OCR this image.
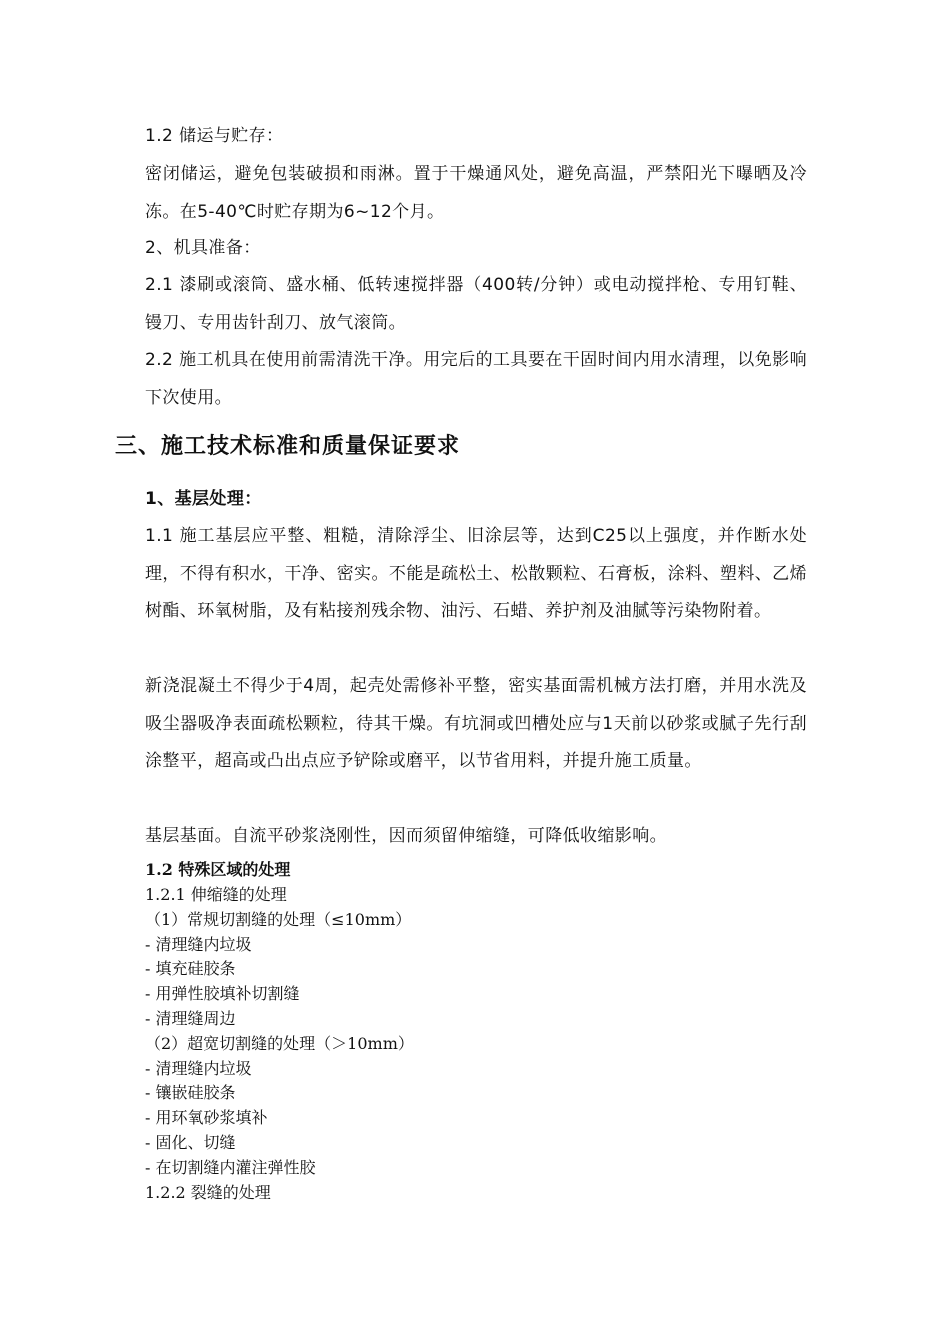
1.2 储运与贮存：
密闭储运，避免包装破损和雨淋。置于干燥通风处，避免高温，严禁阳光下曝晒及冷冻。在5-40℃时贮存期为6~12个月。
2、机具准备：
2.1 漆刷或滚筒、盛水桶、低转速搅拌器（400转/分钟）或电动搅拌枪、专用钉鞋、镘刀、专用齿针刮刀、放气滚筒。
2.2 施工机具在使用前需清洗干净。用完后的工具要在干固时间内用水清理，以免影响下次使用。
三、施工技术标准和质量保证要求
1、基层处理：
1.1 施工基层应平整、粗糙，清除浮尘、旧涂层等，达到C25以上强度，并作断水处理，不得有积水，干净、密实。不能是疏松土、松散颗粒、石膏板，涂料、塑料、乙烯树酯、环氧树脂，及有粘接剂残余物、油污、石蜡、养护剂及油腻等污染物附着。
新浇混凝土不得少于4周，起壳处需修补平整，密实基面需机械方法打磨，并用水洗及吸尘器吸净表面疏松颗粒，待其干燥。有坑洞或凹槽处应与1天前以砂浆或腻子先行刮涂整平，超高或凸出点应予铲除或磨平，以节省用料，并提升施工质量。
基层基面。自流平砂浆浇刚性，因而须留伸缩缝，可降低收缩影响。
1.2 特殊区域的处理
1.2.1 伸缩缝的处理
（1）常规切割缝的处理（≤10mm）
- 清理缝内垃圾
- 填充硅胶条
- 用弹性胶填补切割缝
- 清理缝周边
（2）超宽切割缝的处理（＞10mm）
- 清理缝内垃圾
- 镶嵌硅胶条
- 用环氧砂浆填补
- 固化、切缝
- 在切割缝内灌注弹性胶
1.2.2 裂缝的处理
